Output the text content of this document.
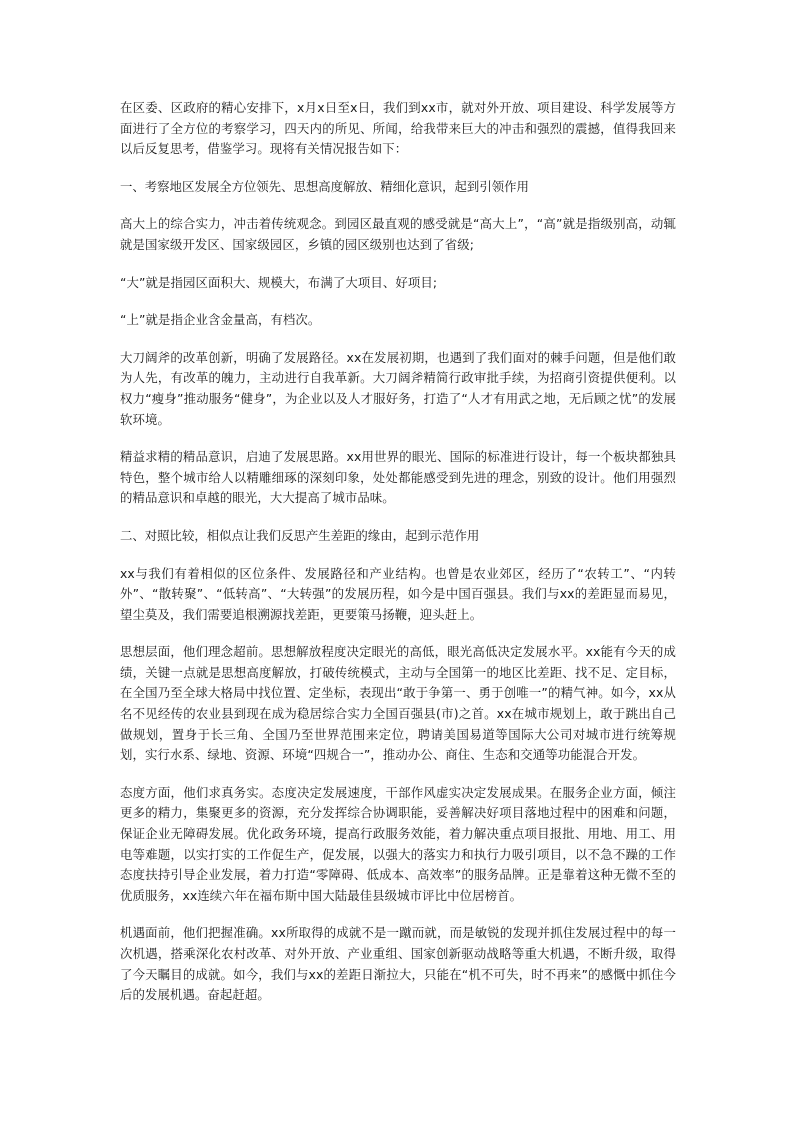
在区委、区政府的精心安排下，x月x日至x日，我们到xx市，就对外开放、项目建设、科学发展等方面进行了全方位的考察学习，四天内的所见、所闻，给我带来巨大的冲击和强烈的震撼，值得我回来以后反复思考，借鉴学习。现将有关情况报告如下：

一、考察地区发展全方位领先、思想高度解放、精细化意识，起到引领作用

高大上的综合实力，冲击着传统观念。到园区最直观的感受就是“高大上”，“高”就是指级别高，动辄就是国家级开发区、国家级园区，乡镇的园区级别也达到了省级;

“大”就是指园区面积大、规模大，布满了大项目、好项目;

“上”就是指企业含金量高，有档次。

大刀阔斧的改革创新，明确了发展路径。xx在发展初期，也遇到了我们面对的棘手问题，但是他们敢为人先，有改革的魄力，主动进行自我革新。大刀阔斧精简行政审批手续，为招商引资提供便利。以权力“瘦身”推动服务“健身”，为企业以及人才服好务，打造了“人才有用武之地，无后顾之忧”的发展软环境。

精益求精的精品意识，启迪了发展思路。xx用世界的眼光、国际的标准进行设计，每一个板块都独具特色，整个城市给人以精雕细琢的深刻印象，处处都能感受到先进的理念，别致的设计。他们用强烈的精品意识和卓越的眼光，大大提高了城市品味。

二、对照比较，相似点让我们反思产生差距的缘由，起到示范作用

xx与我们有着相似的区位条件、发展路径和产业结构。也曾是农业郊区，经历了“农转工”、“内转外”、“散转聚”、“低转高”、“大转强”的发展历程，如今是中国百强县。我们与xx的差距显而易见，望尘莫及，我们需要追根溯源找差距，更要策马扬鞭，迎头赶上。

思想层面，他们理念超前。思想解放程度决定眼光的高低，眼光高低决定发展水平。xx能有今天的成绩，关键一点就是思想高度解放，打破传统模式，主动与全国第一的地区比差距、找不足、定目标，在全国乃至全球大格局中找位置、定坐标，表现出“敢于争第一、勇于创唯一”的精气神。如今，xx从名不见经传的农业县到现在成为稳居综合实力全国百强县(市)之首。xx在城市规划上，敢于跳出自己做规划，置身于长三角、全国乃至世界范围来定位，聘请美国易道等国际大公司对城市进行统筹规划，实行水系、绿地、资源、环境“四规合一”，推动办公、商住、生态和交通等功能混合开发。

态度方面，他们求真务实。态度决定发展速度，干部作风虚实决定发展成果。在服务企业方面，倾注更多的精力，集聚更多的资源，充分发挥综合协调职能，妥善解决好项目落地过程中的困难和问题，保证企业无障碍发展。优化政务环境，提高行政服务效能，着力解决重点项目报批、用地、用工、用电等难题，以实打实的工作促生产，促发展，以强大的落实力和执行力吸引项目，以不急不躁的工作态度扶持引导企业发展，着力打造“零障碍、低成本、高效率”的服务品牌。正是靠着这种无微不至的优质服务，xx连续六年在福布斯中国大陆最佳县级城市评比中位居榜首。

机遇面前，他们把握准确。xx所取得的成就不是一蹴而就，而是敏锐的发现并抓住发展过程中的每一次机遇，搭乘深化农村改革、对外开放、产业重组、国家创新驱动战略等重大机遇，不断升级，取得了今天瞩目的成就。如今，我们与xx的差距日渐拉大，只能在“机不可失，时不再来”的感慨中抓住今后的发展机遇。奋起赶超。
